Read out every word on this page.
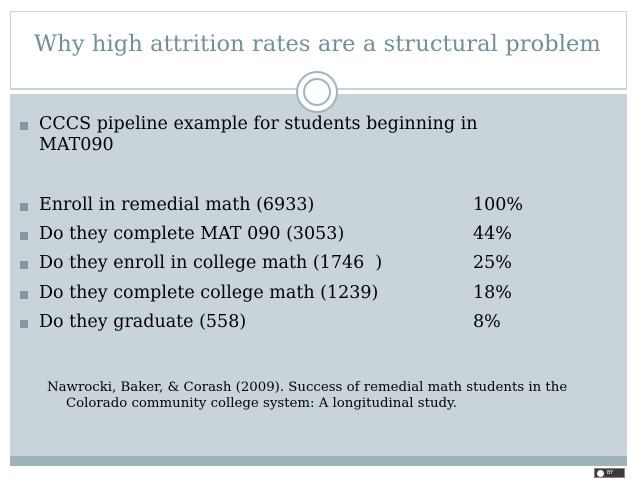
Why high attrition rates are a structural problem
CCCS pipeline example for students beginning in
MAT090
Enroll in remedial math (6933)	100%
Do they complete MAT 090 (3053)	44%
Do they enroll in college math (1746  )	25%
Do they complete college math (1239)	18%
Do they graduate (558)	8%
Nawrocki, Baker, & Corash (2009). Success of remedial math students in the
Colorado community college system: A longitudinal study.
BY
